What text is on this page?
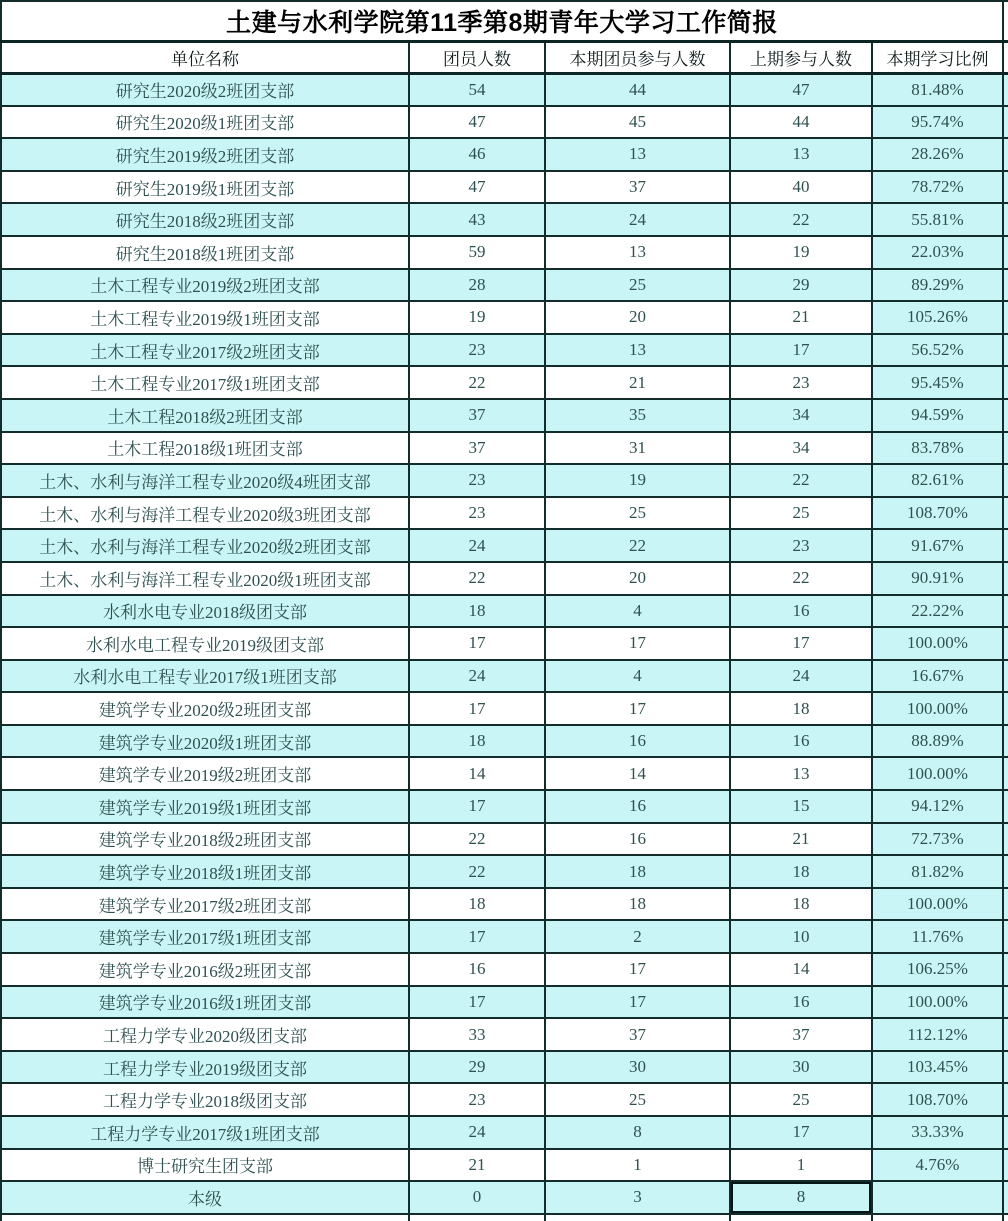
土建与水利学院第11季第8期青年大学习工作简报					
单位名称	团员人数	本期团员参与人数	上期参与人数	本期学习比例	
研究生2020级2班团支部	54	44	47	81.48%	
研究生2020级1班团支部	47	45	44	95.74%	
研究生2019级2班团支部	46	13	13	28.26%	
研究生2019级1班团支部	47	37	40	78.72%	
研究生2018级2班团支部	43	24	22	55.81%	
研究生2018级1班团支部	59	13	19	22.03%	
土木工程专业2019级2班团支部	28	25	29	89.29%	
土木工程专业2019级1班团支部	19	20	21	105.26%	
土木工程专业2017级2班团支部	23	13	17	56.52%	
土木工程专业2017级1班团支部	22	21	23	95.45%	
土木工程2018级2班团支部	37	35	34	94.59%	
土木工程2018级1班团支部	37	31	34	83.78%	
土木、水利与海洋工程专业2020级4班团支部	23	19	22	82.61%	
土木、水利与海洋工程专业2020级3班团支部	23	25	25	108.70%	
土木、水利与海洋工程专业2020级2班团支部	24	22	23	91.67%	
土木、水利与海洋工程专业2020级1班团支部	22	20	22	90.91%	
水利水电专业2018级团支部	18	4	16	22.22%	
水利水电工程专业2019级团支部	17	17	17	100.00%	
水利水电工程专业2017级1班团支部	24	4	24	16.67%	
建筑学专业2020级2班团支部	17	17	18	100.00%	
建筑学专业2020级1班团支部	18	16	16	88.89%	
建筑学专业2019级2班团支部	14	14	13	100.00%	
建筑学专业2019级1班团支部	17	16	15	94.12%	
建筑学专业2018级2班团支部	22	16	21	72.73%	
建筑学专业2018级1班团支部	22	18	18	81.82%	
建筑学专业2017级2班团支部	18	18	18	100.00%	
建筑学专业2017级1班团支部	17	2	10	11.76%	
建筑学专业2016级2班团支部	16	17	14	106.25%	
建筑学专业2016级1班团支部	17	17	16	100.00%	
工程力学专业2020级团支部	33	37	37	112.12%	
工程力学专业2019级团支部	29	30	30	103.45%	
工程力学专业2018级团支部	23	25	25	108.70%	
工程力学专业2017级1班团支部	24	8	17	33.33%	
博士研究生团支部	21	1	1	4.76%	
本级	0	3	8		
